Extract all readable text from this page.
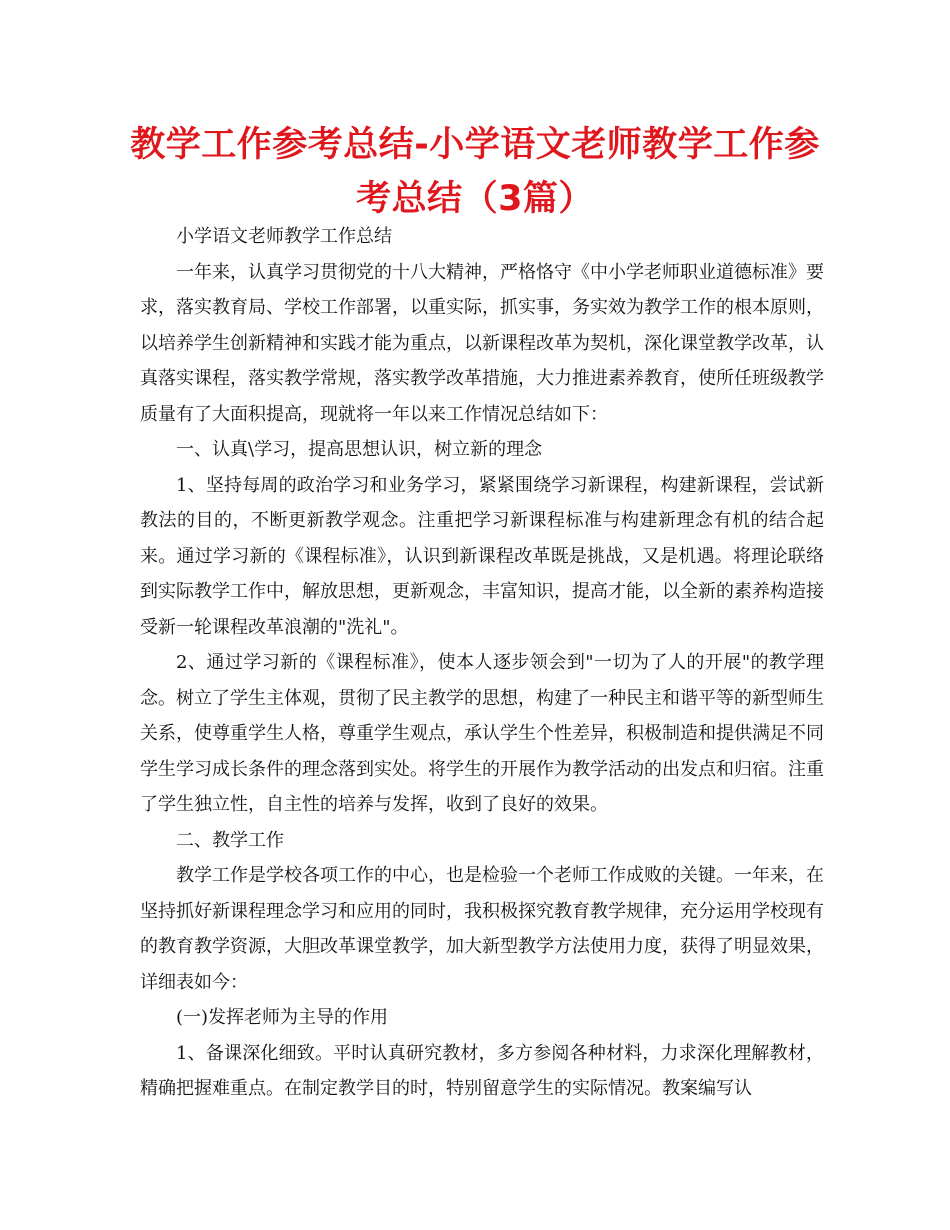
教学工作参考总结-小学语文老师教学工作参考总结（3篇）

小学语文老师教学工作总结

一年来，认真学习贯彻党的十八大精神，严格恪守《中小学老师职业道德标准》要求，落实教育局、学校工作部署，以重实际，抓实事，务实效为教学工作的根本原则，以培养学生创新精神和实践才能为重点，以新课程改革为契机，深化课堂教学改革，认真落实课程，落实教学常规，落实教学改革措施，大力推进素养教育，使所任班级教学质量有了大面积提高，现就将一年以来工作情况总结如下：

一、认真\学习，提高思想认识，树立新的理念

1、坚持每周的政治学习和业务学习，紧紧围绕学习新课程，构建新课程，尝试新教法的目的，不断更新教学观念。注重把学习新课程标准与构建新理念有机的结合起来。通过学习新的《课程标准》，认识到新课程改革既是挑战，又是机遇。将理论联络到实际教学工作中，解放思想，更新观念，丰富知识，提高才能，以全新的素养构造接受新一轮课程改革浪潮的"洗礼"。

2、通过学习新的《课程标准》，使本人逐步领会到"一切为了人的开展"的教学理念。树立了学生主体观，贯彻了民主教学的思想，构建了一种民主和谐平等的新型师生关系，使尊重学生人格，尊重学生观点，承认学生个性差异，积极制造和提供满足不同学生学习成长条件的理念落到实处。将学生的开展作为教学活动的出发点和归宿。注重了学生独立性，自主性的培养与发挥，收到了良好的效果。

二、教学工作

教学工作是学校各项工作的中心，也是检验一个老师工作成败的关键。一年来，在坚持抓好新课程理念学习和应用的同时，我积极探究教育教学规律，充分运用学校现有的教育教学资源，大胆改革课堂教学，加大新型教学方法使用力度，获得了明显效果，详细表如今：

(一)发挥老师为主导的作用

1、备课深化细致。平时认真研究教材，多方参阅各种材料，力求深化理解教材，精确把握难重点。在制定教学目的时，特别留意学生的实际情况。教案编写认
